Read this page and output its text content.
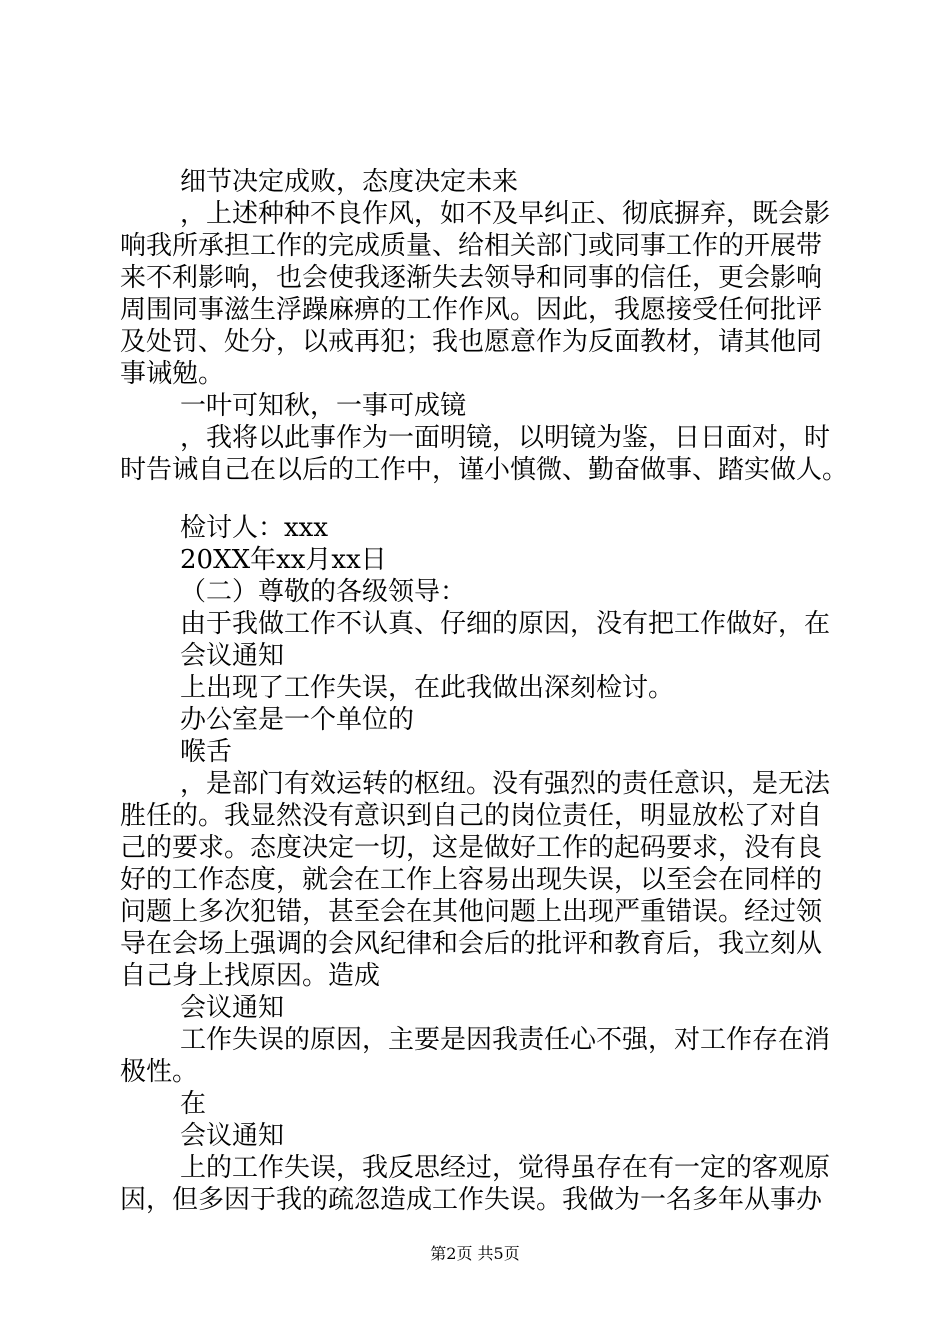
细节决定成败，态度决定未来

，上述种种不良作风，如不及早纠正、彻底摒弃，既会影

响我所承担工作的完成质量、给相关部门或同事工作的开展带

来不利影响，也会使我逐渐失去领导和同事的信任，更会影响

周围同事滋生浮躁麻痹的工作作风。因此，我愿接受任何批评

及处罚、处分，以戒再犯；我也愿意作为反面教材，请其他同

事诫勉。

一叶可知秋，一事可成镜

，我将以此事作为一面明镜，以明镜为鉴，日日面对，时

时告诫自己在以后的工作中，谨小慎微、勤奋做事、踏实做人。

检讨人：xxx

20XX年xx月xx日

（二）尊敬的各级领导：

由于我做工作不认真、仔细的原因，没有把工作做好，在

会议通知

上出现了工作失误，在此我做出深刻检讨。

办公室是一个单位的

喉舌

，是部门有效运转的枢纽。没有强烈的责任意识，是无法

胜任的。我显然没有意识到自己的岗位责任，明显放松了对自

己的要求。态度决定一切，这是做好工作的起码要求，没有良

好的工作态度，就会在工作上容易出现失误，以至会在同样的

问题上多次犯错，甚至会在其他问题上出现严重错误。经过领

导在会场上强调的会风纪律和会后的批评和教育后，我立刻从

自己身上找原因。造成

会议通知

工作失误的原因，主要是因我责任心不强，对工作存在消

极性。

在

会议通知

上的工作失误，我反思经过，觉得虽存在有一定的客观原

因，但多因于我的疏忽造成工作失误。我做为一名多年从事办

第2页 共5页
